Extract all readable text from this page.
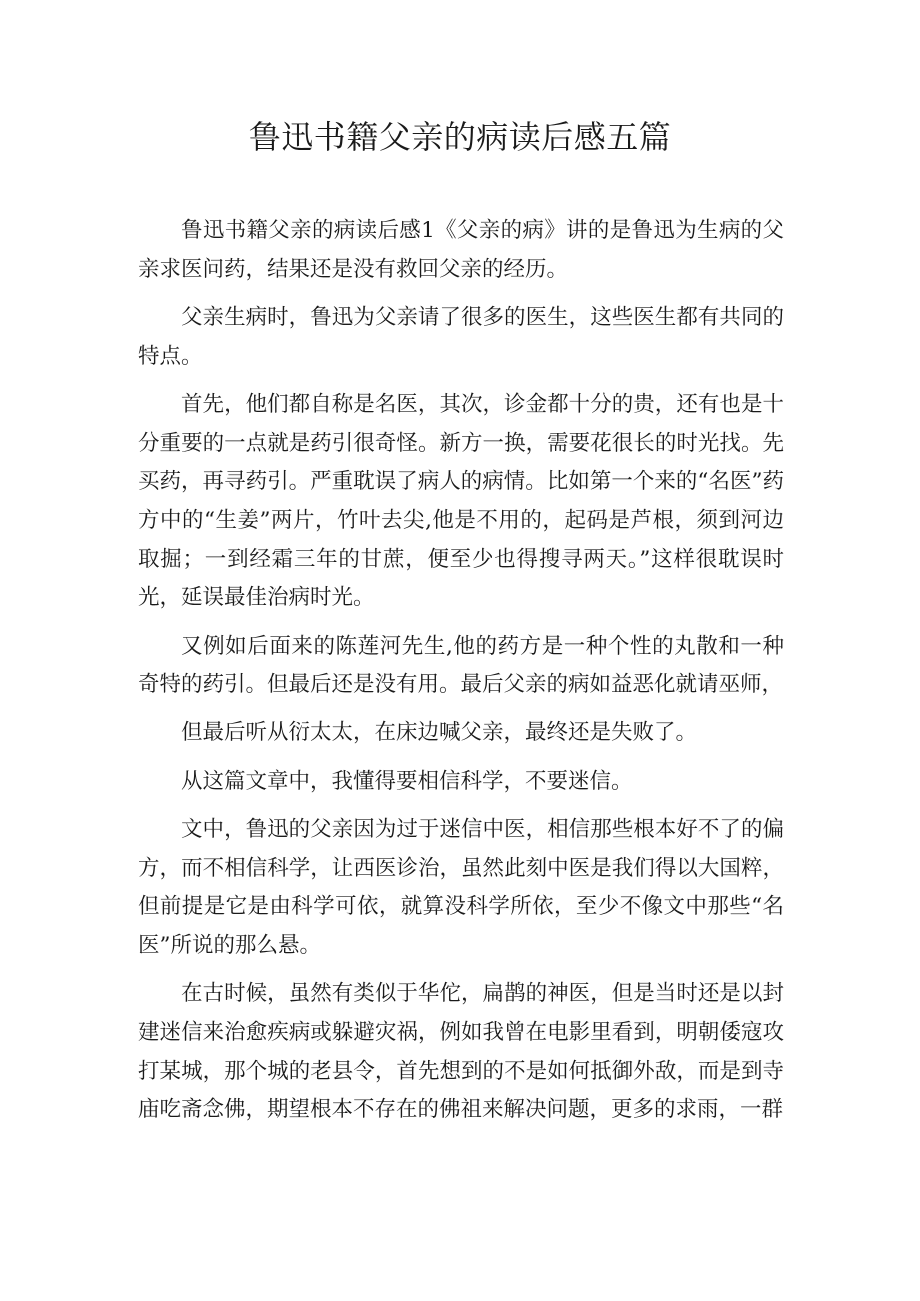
鲁迅书籍父亲的病读后感五篇

鲁迅书籍父亲的病读后感1《父亲的病》讲的是鲁迅为生病的父亲求医问药，结果还是没有救回父亲的经历。

父亲生病时，鲁迅为父亲请了很多的医生，这些医生都有共同的特点。

首先，他们都自称是名医，其次，诊金都十分的贵，还有也是十分重要的一点就是药引很奇怪。新方一换，需要花很长的时光找。先买药，再寻药引。严重耽误了病人的病情。比如第一个来的“名医”药方中的“生姜”两片，竹叶去尖,他是不用的，起码是芦根，须到河边取掘；一到经霜三年的甘蔗，便至少也得搜寻两天。”这样很耽误时光，延误最佳治病时光。

又例如后面来的陈莲河先生,他的药方是一种个性的丸散和一种奇特的药引。但最后还是没有用。最后父亲的病如益恶化就请巫师，

但最后听从衍太太，在床边喊父亲，最终还是失败了。

从这篇文章中，我懂得要相信科学，不要迷信。

文中，鲁迅的父亲因为过于迷信中医，相信那些根本好不了的偏方，而不相信科学，让西医诊治，虽然此刻中医是我们得以大国粹，但前提是它是由科学可依，就算没科学所依，至少不像文中那些“名医”所说的那么悬。

在古时候，虽然有类似于华佗，扁鹊的神医，但是当时还是以封建迷信来治愈疾病或躲避灾祸，例如我曾在电影里看到，明朝倭寇攻打某城，那个城的老县令，首先想到的不是如何抵御外敌，而是到寺庙吃斋念佛，期望根本不存在的佛祖来解决问题，更多的求雨，一群
